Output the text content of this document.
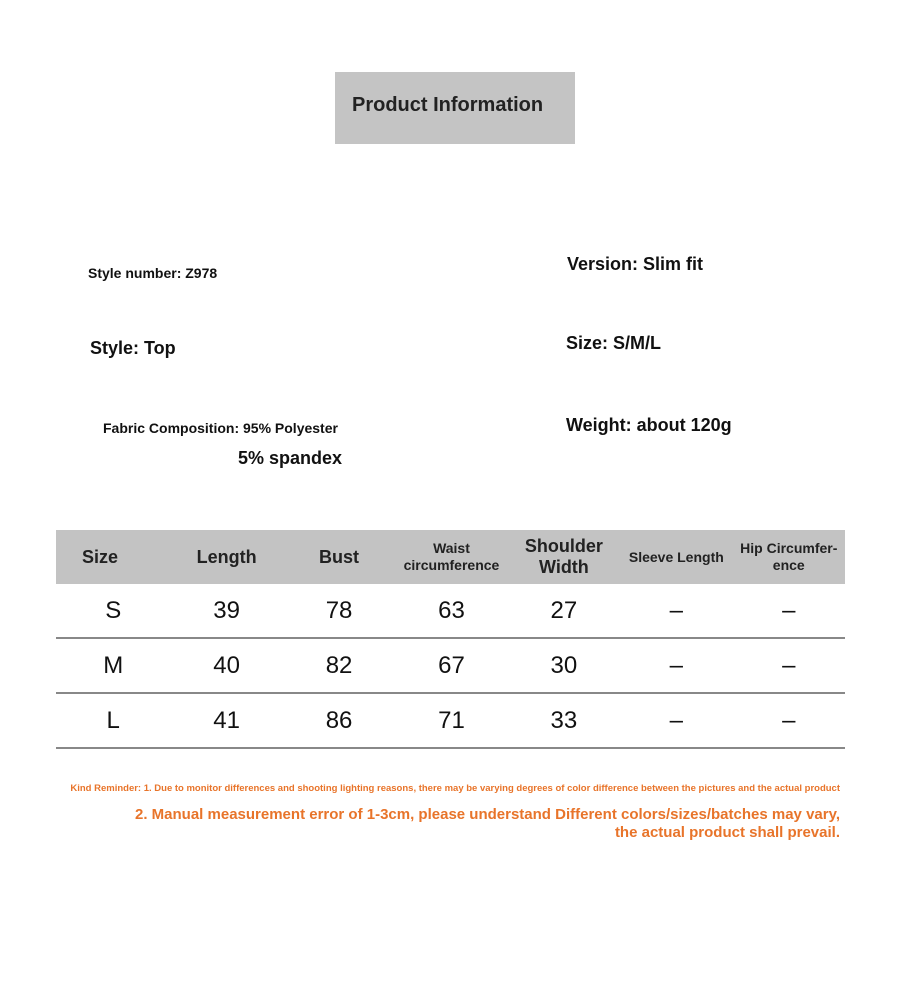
Product Information
Style number: Z978
Style: Top
Fabric Composition: 95% Polyester
5% spandex
Version: Slim fit
Size: S/M/L
Weight: about 120g
Size	Length	Bust	Waist circumference	Shoulder Width	Sleeve Length	Hip Circumfer-ence
S	39	78	63	27	–	–
M	40	82	67	30	–	–
L	41	86	71	33	–	–
Kind Reminder: 1. Due to monitor differences and shooting lighting reasons, there may be varying degrees of color difference between the pictures and the actual product
2. Manual measurement error of 1-3cm, please understand Different colors/sizes/batches may vary,
the actual product shall prevail.
